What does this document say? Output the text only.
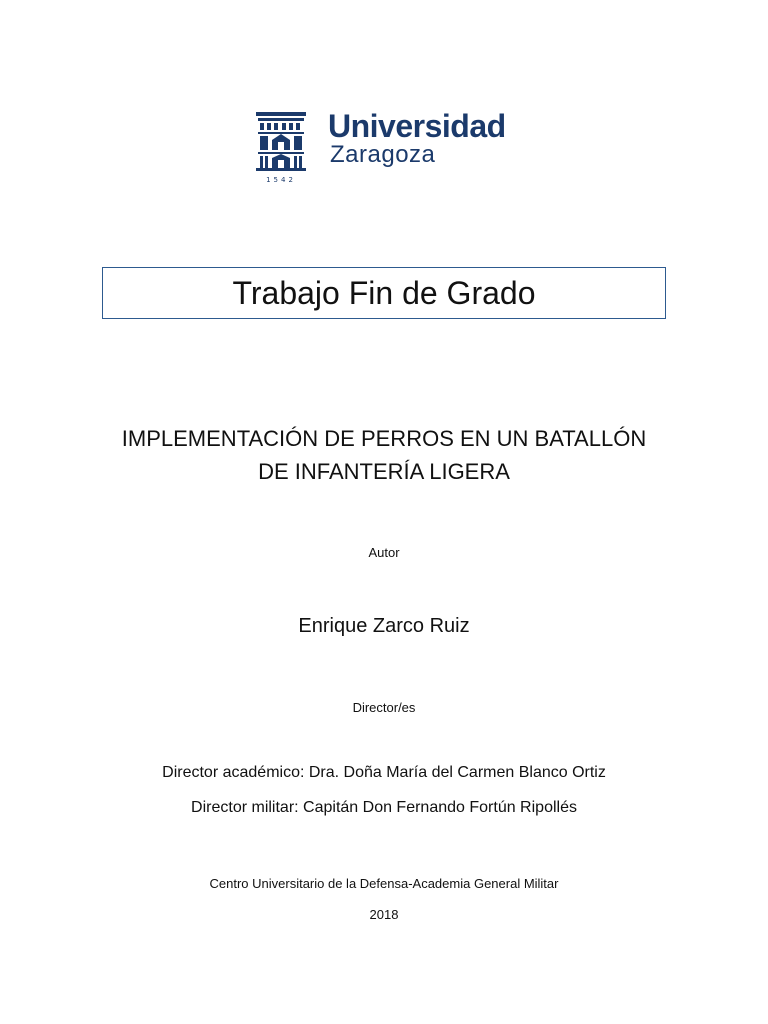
1542
Universidad
Zaragoza
Trabajo Fin de Grado
IMPLEMENTACIÓN DE PERROS EN UN BATALLÓN
DE INFANTERÍA LIGERA
Autor
Enrique Zarco Ruiz
Director/es
Director académico: Dra. Doña María del Carmen Blanco Ortiz
Director militar: Capitán Don Fernando Fortún Ripollés
Centro Universitario de la Defensa-Academia General Militar
2018
